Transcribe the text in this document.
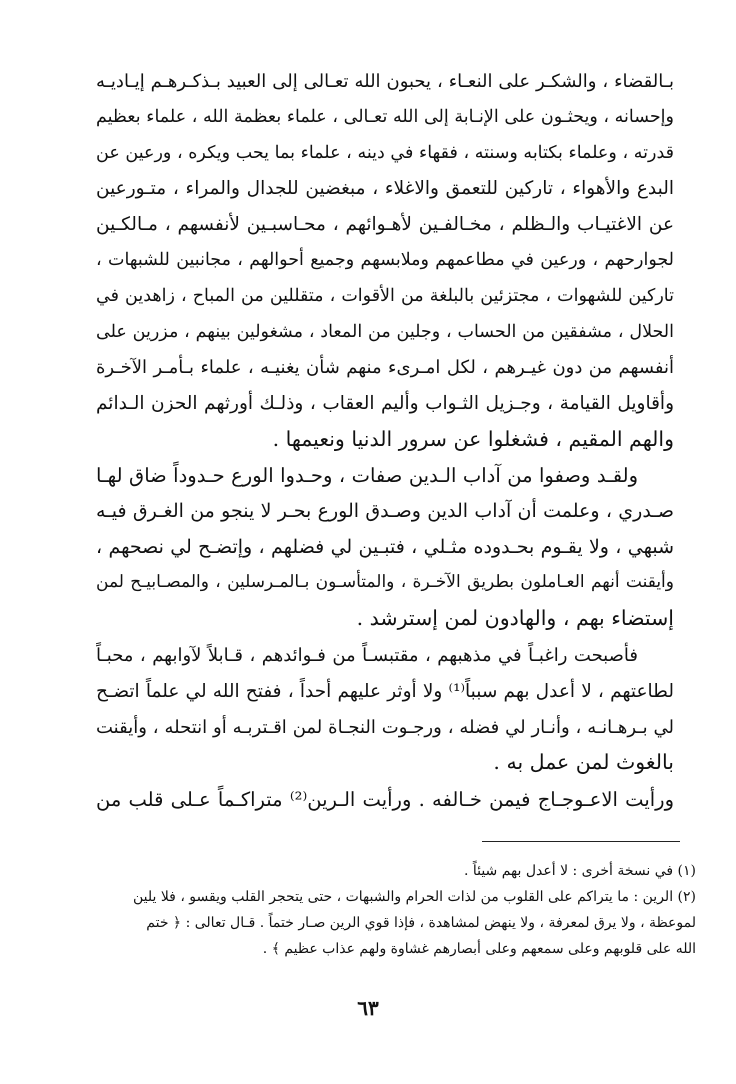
بـالقضاء ، والشكـر على النعـاء ، يحبون الله تعـالى إلى العبيد بـذكـرهـم إيـاديـه
وإحسانه ، ويحثـون على الإنـابة إلى الله تعـالى ، علماء بعظمة الله ، علماء بعظيم
قدرته ، وعلماء بكتابه وسنته ، فقهاء في دينه ، علماء بما يحب ويكره ، ورعين عن
البدع والأهواء ، تاركين للتعمق والاغلاء ، مبغضين للجدال والمراء ، متـورعين
عن الاغتيـاب والـظلم ، مخـالفـين لأهـوائهم ، محـاسبـين لأنفسهم ، مـالكـين
لجوارحهم ، ورعين في مطاعمهم وملابسهم وجميع أحوالهم ، مجانبين للشبهات ،
تاركين للشهوات ، مجتزئين بالبلغة من الأقوات ، متقللين من المباح ، زاهدين في
الحلال ، مشفقين من الحساب ، وجلين من المعاد ، مشغولين بينهم ، مزرين على
أنفسهم من دون غيـرهم ، لكل امـرىء منهم شأن يغنيـه ، علماء بـأمـر الآخـرة
وأقاويل القيامة ، وجـزيل الثـواب وأليم العقاب ، وذلـك أورثهم الحزن الـدائم
والهم المقيم ، فشغلوا عن سرور الدنيا ونعيمها .
ولقـد وصفوا من آداب الـدين صفات ، وحـدوا الورع حـدوداً ضاق لهـا
صـدري ، وعلمت أن آداب الدين وصـدق الورع بحـر لا ينجو من الغـرق فيـه
شبهي ، ولا يقـوم بحـدوده مثـلي ، فتبـين لي فضلهم ، وإتضـح لي نصحهم ،
وأيقنت أنهم العـاملون بطريق الآخـرة ، والمتأسـون بـالمـرسلين ، والمصـابيـح لمن
إستضاء بهم ، والهادون لمن إسترشد .
فأصبحت راغبـاً في مذهبهم ، مقتبسـاً من فـوائدهم ، قـابلاً لآوابهم ، محبـاً
لطاعتهم ، لا أعدل بهم سبباً⁽¹⁾ ولا أوثر عليهم أحداً ، ففتح الله لي علماً اتضـح
لي بـرهـانـه ، وأنـار لي فضله ، ورجـوت النجـاة لمن اقـتربـه أو انتحله ، وأيقنت
بالغوث لمن عمل به .
ورأيت الاعـوجـاج فيمن خـالفه . ورأيت الـرين⁽²⁾ متراكـماً عـلى قلب من

(١) في نسخة أخرى : لا أعدل بهم شيئاً .

(٢) الرين : ما يتراكم على القلوب من لذات الحرام والشبهات ، حتى يتحجر القلب ويقسو ، فلا يلين

لموعظة ، ولا يرق لمعرفة ، ولا ينهض لمشاهدة ، فإذا قوي الرين صـار ختماً . قـال تعالى : ﴿ ختم

الله على قلوبهم وعلى سمعهم وعلى أبصارهم غشاوة ولهم عذاب عظيم ﴾ .

٦٣
